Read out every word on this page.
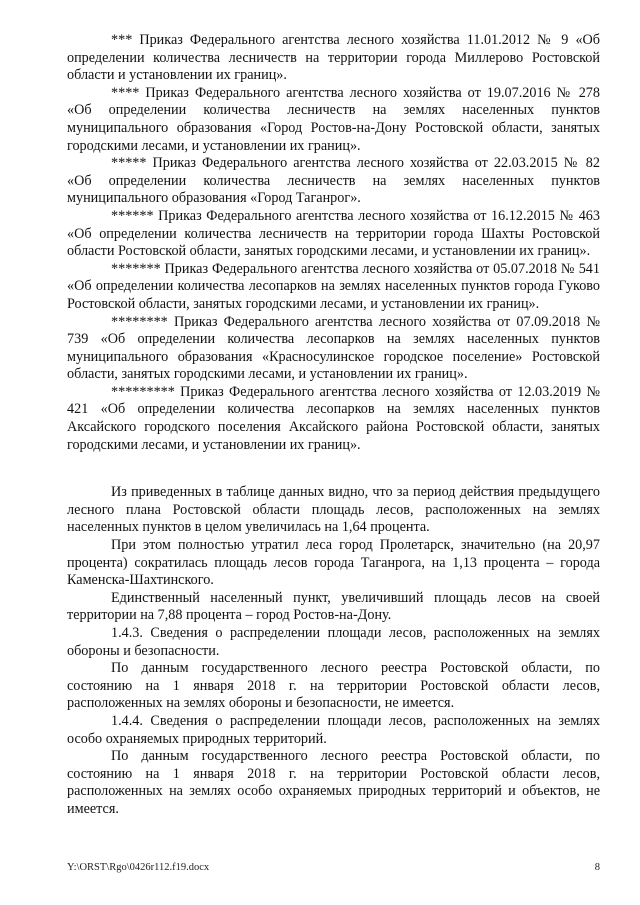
*** Приказ Федерального агентства лесного хозяйства 11.01.2012 № 9 «Об определении количества лесничеств на территории города Миллерово Ростовской области и установлении их границ».

**** Приказ Федерального агентства лесного хозяйства от 19.07.2016 № 278 «Об определении количества лесничеств на землях населенных пунктов муниципального образования «Город Ростов-на-Дону Ростовской области, занятых городскими лесами, и установлении их границ».

***** Приказ Федерального агентства лесного хозяйства от 22.03.2015 № 82 «Об определении количества лесничеств на землях населенных пунктов муниципального образования «Город Таганрог».

****** Приказ Федерального агентства лесного хозяйства от 16.12.2015 № 463 «Об определении количества лесничеств на территории города Шахты Ростовской области Ростовской области, занятых городскими лесами, и установлении их границ».

******* Приказ Федерального агентства лесного хозяйства от 05.07.2018 № 541 «Об определении количества лесопарков на землях населенных пунктов города Гуково Ростовской области, занятых городскими лесами, и установлении их границ».

******** Приказ Федерального агентства лесного хозяйства от 07.09.2018 № 739 «Об определении количества лесопарков на землях населенных пунктов муниципального образования «Красносулинское городское поселение» Ростовской области, занятых городскими лесами, и установлении их границ».

********* Приказ Федерального агентства лесного хозяйства от 12.03.2019 № 421 «Об определении количества лесопарков на землях населенных пунктов Аксайского городского поселения Аксайского района Ростовской области, занятых городскими лесами, и установлении их границ».

Из приведенных в таблице данных видно, что за период действия предыдущего лесного плана Ростовской области площадь лесов, расположенных на землях населенных пунктов в целом увеличилась на 1,64 процента.

При этом полностью утратил леса город Пролетарск, значительно (на 20,97 процента) сократилась площадь лесов города Таганрога, на 1,13 процента – города Каменска-Шахтинского.

Единственный населенный пункт, увеличивший площадь лесов на своей территории на 7,88 процента – город Ростов-на-Дону.

1.4.3. Сведения о распределении площади лесов, расположенных на землях обороны и безопасности.

По данным государственного лесного реестра Ростовской области, по состоянию на 1 января 2018 г. на территории Ростовской области лесов, расположенных на землях обороны и безопасности, не имеется.

1.4.4. Сведения о распределении площади лесов, расположенных на землях особо охраняемых природных территорий.

По данным государственного лесного реестра Ростовской области, по состоянию на 1 января 2018 г. на территории Ростовской области лесов, расположенных на землях особо охраняемых природных территорий и объектов, не имеется.

Y:\ORST\Rgo\0426r112.f19.docx	8
